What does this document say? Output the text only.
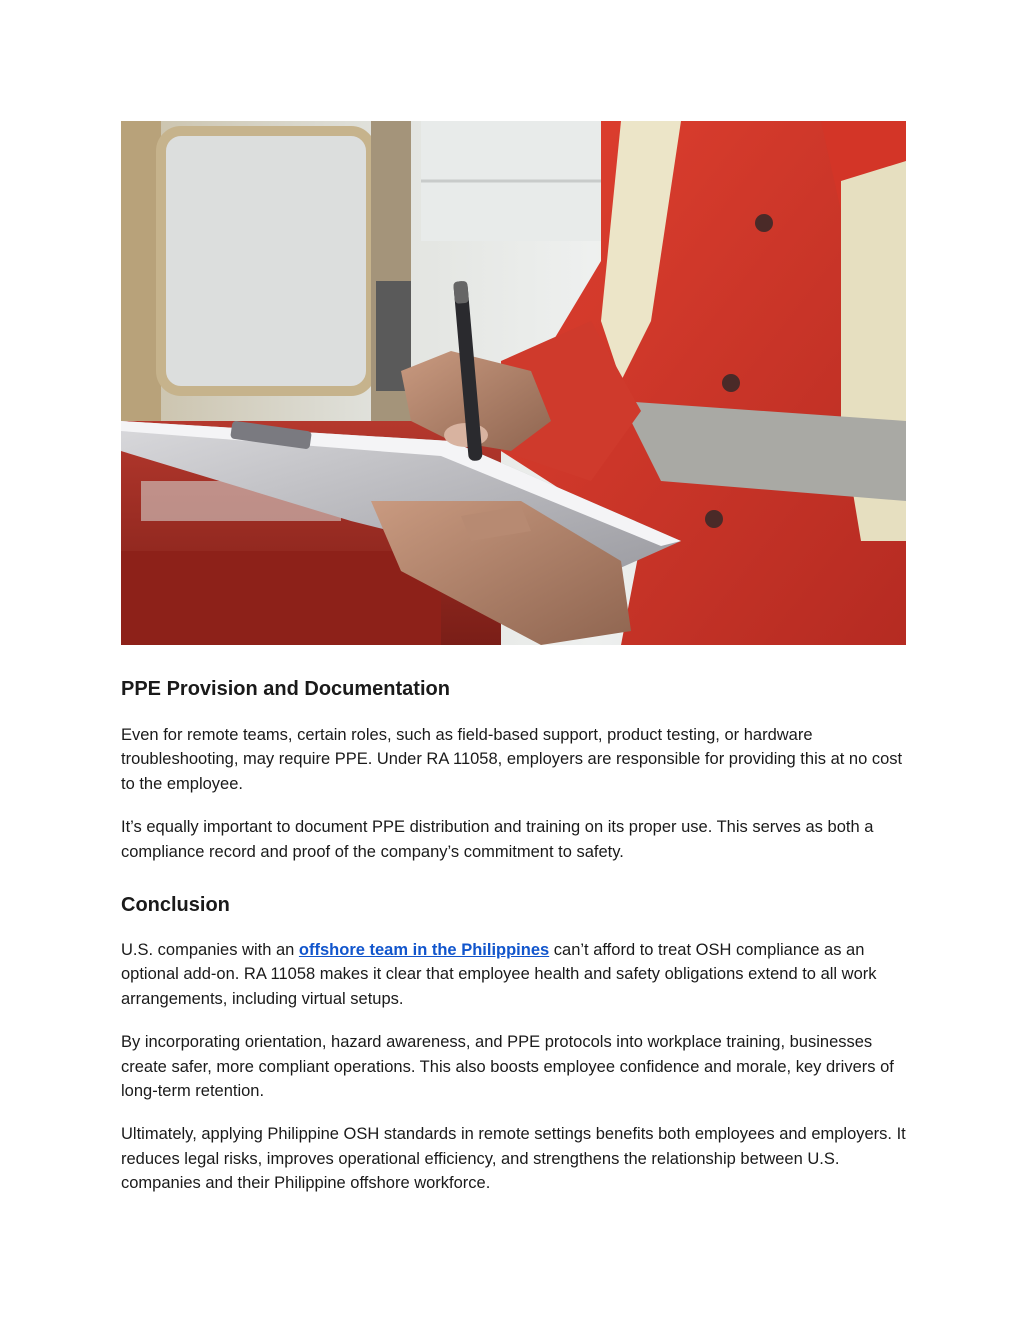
PPE Provision and Documentation

Even for remote teams, certain roles, such as field-based support, product testing, or hardware troubleshooting, may require PPE. Under RA 11058, employers are responsible for providing this at no cost to the employee.

It’s equally important to document PPE distribution and training on its proper use. This serves as both a compliance record and proof of the company’s commitment to safety.

Conclusion

U.S. companies with an offshore team in the Philippines can’t afford to treat OSH compliance as an optional add-on. RA 11058 makes it clear that employee health and safety obligations extend to all work arrangements, including virtual setups.

By incorporating orientation, hazard awareness, and PPE protocols into workplace training, businesses create safer, more compliant operations. This also boosts employee confidence and morale, key drivers of long-term retention.

Ultimately, applying Philippine OSH standards in remote settings benefits both employees and employers. It reduces legal risks, improves operational efficiency, and strengthens the relationship between U.S. companies and their Philippine offshore workforce.
